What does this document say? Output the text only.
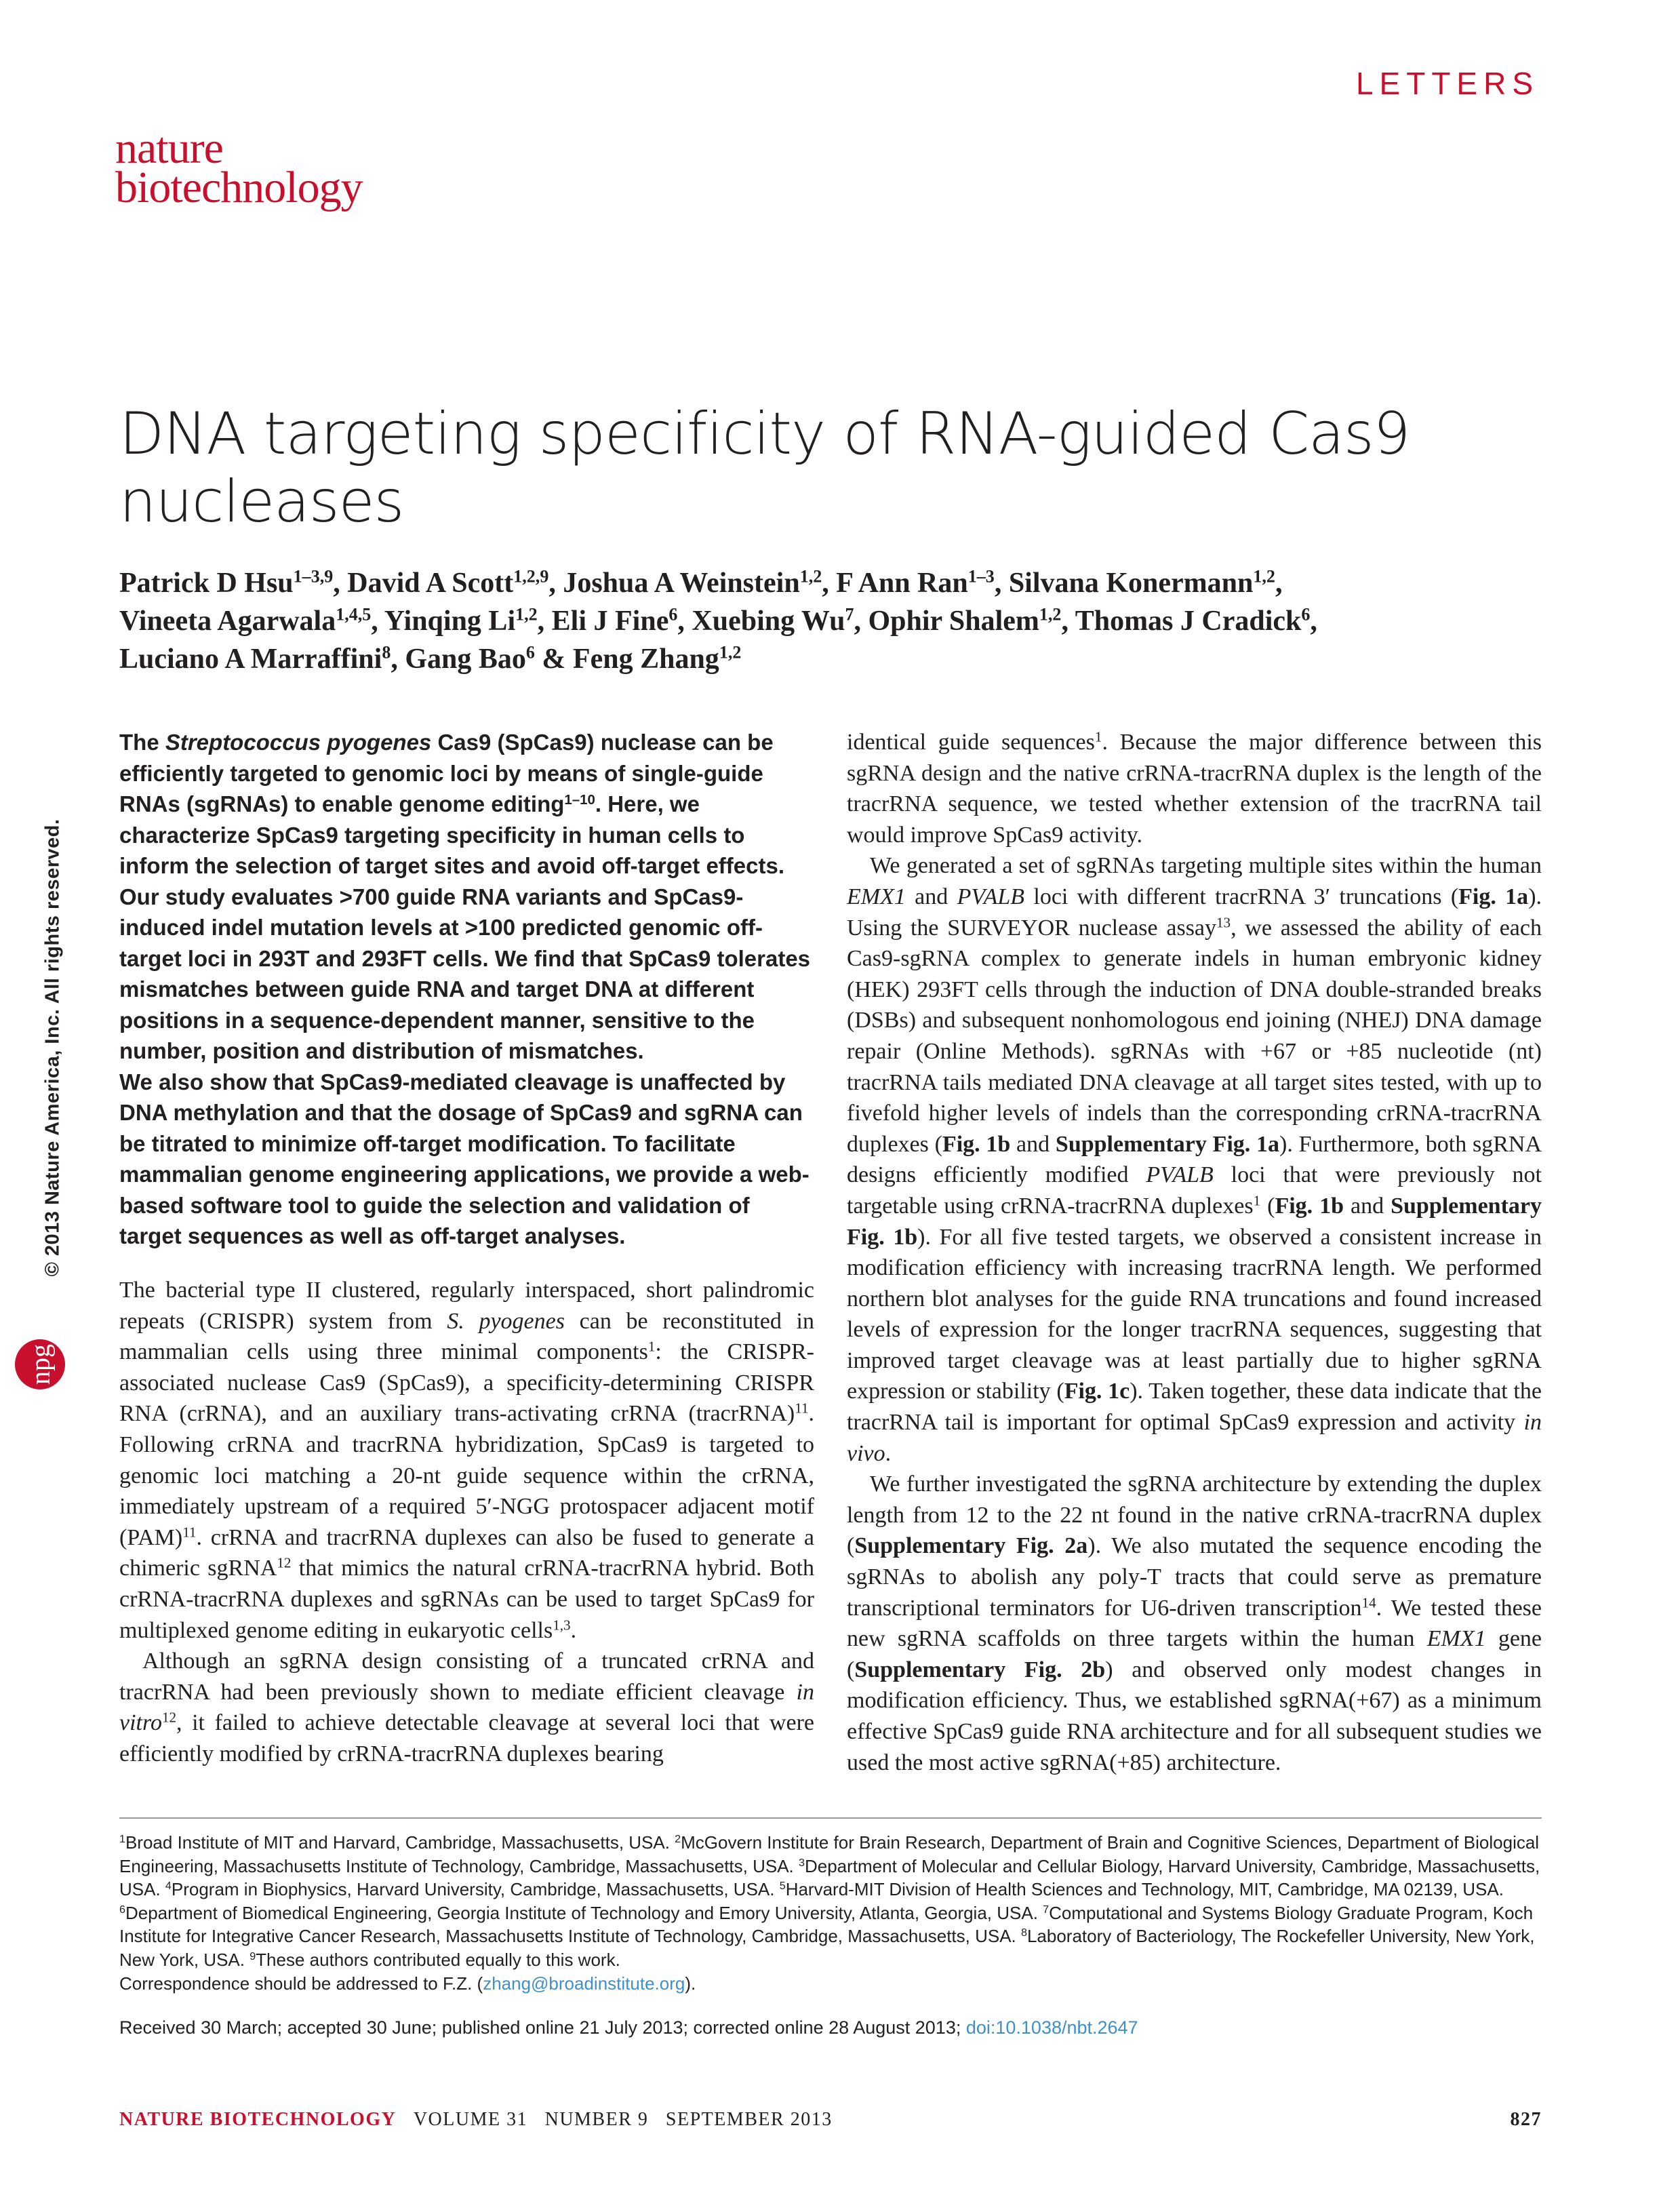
LETTERS
nature
biotechnology
DNA targeting specificity of RNA-guided Cas9 nucleases

Patrick D Hsu$^{1-3,9}$, David A Scott$^{1,2,9}$, Joshua A Weinstein$^{1,2}$, F Ann Ran$^{1-3}$, Silvana Konermann$^{1,2}$,

Vineeta Agarwala$^{1,4,5}$, Yinqing Li$^{1,2}$, Eli J Fine$^6$, Xuebing Wu$^7$, Ophir Shalem$^{1,2}$, Thomas J Cradick$^6$,

Luciano A Marraffini$^8$, Gang Bao$^6$ & Feng Zhang$^{1,2}$

© 2013 Nature America, Inc. All rights reserved.
npg

The Streptococcus pyogenes Cas9 (SpCas9) nuclease can be efficiently targeted to genomic loci by means of single-guide RNAs (sgRNAs) to enable genome editing$^{1-10}$. Here, we characterize SpCas9 targeting specificity in human cells to inform the selection of target sites and avoid off-target effects. Our study evaluates >700 guide RNA variants and SpCas9-induced indel mutation levels at >100 predicted genomic off-target loci in 293T and 293FT cells. We find that SpCas9 tolerates mismatches between guide RNA and target DNA at different positions in a sequence-dependent manner, sensitive to the number, position and distribution of mismatches.

We also show that SpCas9-mediated cleavage is unaffected by DNA methylation and that the dosage of SpCas9 and sgRNA can be titrated to minimize off-target modification. To facilitate mammalian genome engineering applications, we provide a web-based software tool to guide the selection and validation of target sequences as well as off-target analyses.

The bacterial type II clustered, regularly interspaced, short palindromic repeats (CRISPR) system from S. pyogenes can be reconstituted in mammalian cells using three minimal components$^1$: the CRISPR-associated nuclease Cas9 (SpCas9), a specificity-determining CRISPR RNA (crRNA), and an auxiliary trans-activating crRNA (tracrRNA)$^{11}$. Following crRNA and tracrRNA hybridization, SpCas9 is targeted to genomic loci matching a 20-nt guide sequence within the crRNA, immediately upstream of a required 5′-NGG protospacer adjacent motif (PAM)$^{11}$. crRNA and tracrRNA duplexes can also be fused to generate a chimeric sgRNA$^{12}$ that mimics the natural crRNA-tracrRNA hybrid. Both crRNA-tracrRNA duplexes and sgRNAs can be used to target SpCas9 for multiplexed genome editing in eukaryotic cells$^{1,3}$.

Although an sgRNA design consisting of a truncated crRNA and tracrRNA had been previously shown to mediate efficient cleavage in vitro$^{12}$, it failed to achieve detectable cleavage at several loci that were efficiently modified by crRNA-tracrRNA duplexes bearing

identical guide sequences$^1$. Because the major difference between this sgRNA design and the native crRNA-tracrRNA duplex is the length of the tracrRNA sequence, we tested whether extension of the tracrRNA tail would improve SpCas9 activity.

We generated a set of sgRNAs targeting multiple sites within the human EMX1 and PVALB loci with different tracrRNA 3′ truncations (Fig. 1a). Using the SURVEYOR nuclease assay$^{13}$, we assessed the ability of each Cas9-sgRNA complex to generate indels in human embryonic kidney (HEK) 293FT cells through the induction of DNA double-stranded breaks (DSBs) and subsequent nonhomologous end joining (NHEJ) DNA damage repair (Online Methods). sgRNAs with +67 or +85 nucleotide (nt) tracrRNA tails mediated DNA cleavage at all target sites tested, with up to fivefold higher levels of indels than the corresponding crRNA-tracrRNA duplexes (Fig. 1b and Supplementary Fig. 1a). Furthermore, both sgRNA designs efficiently modified PVALB loci that were previously not targetable using crRNA-tracrRNA duplexes$^1$ (Fig. 1b and Supplementary Fig. 1b). For all five tested targets, we observed a consistent increase in modification efficiency with increasing tracrRNA length. We performed northern blot analyses for the guide RNA truncations and found increased levels of expression for the longer tracrRNA sequences, suggesting that improved target cleavage was at least partially due to higher sgRNA expression or stability (Fig. 1c). Taken together, these data indicate that the tracrRNA tail is important for optimal SpCas9 expression and activity in vivo.

We further investigated the sgRNA architecture by extending the duplex length from 12 to the 22 nt found in the native crRNA-tracrRNA duplex (Supplementary Fig. 2a). We also mutated the sequence encoding the sgRNAs to abolish any poly-T tracts that could serve as premature transcriptional terminators for U6-driven transcription$^{14}$. We tested these new sgRNA scaffolds on three targets within the human EMX1 gene (Supplementary Fig. 2b) and observed only modest changes in modification efficiency. Thus, we established sgRNA(+67) as a minimum effective SpCas9 guide RNA architecture and for all subsequent studies we used the most active sgRNA(+85) architecture.

$^1$Broad Institute of MIT and Harvard, Cambridge, Massachusetts, USA. $^2$McGovern Institute for Brain Research, Department of Brain and Cognitive Sciences, Department of Biological Engineering, Massachusetts Institute of Technology, Cambridge, Massachusetts, USA. $^3$Department of Molecular and Cellular Biology, Harvard University, Cambridge, Massachusetts, USA. $^4$Program in Biophysics, Harvard University, Cambridge, Massachusetts, USA. $^5$Harvard-MIT Division of Health Sciences and Technology, MIT, Cambridge, MA 02139, USA. $^6$Department of Biomedical Engineering, Georgia Institute of Technology and Emory University, Atlanta, Georgia, USA. $^7$Computational and Systems Biology Graduate Program, Koch Institute for Integrative Cancer Research, Massachusetts Institute of Technology, Cambridge, Massachusetts, USA. $^8$Laboratory of Bacteriology, The Rockefeller University, New York, New York, USA. $^9$These authors contributed equally to this work.

Correspondence should be addressed to F.Z. (zhang@broadinstitute.org).

Received 30 March; accepted 30 June; published online 21 July 2013; corrected online 28 August 2013; doi:10.1038/nbt.2647
NATURE BIOTECHNOLOGY VOLUME 31 NUMBER 9 SEPTEMBER 2013	827
